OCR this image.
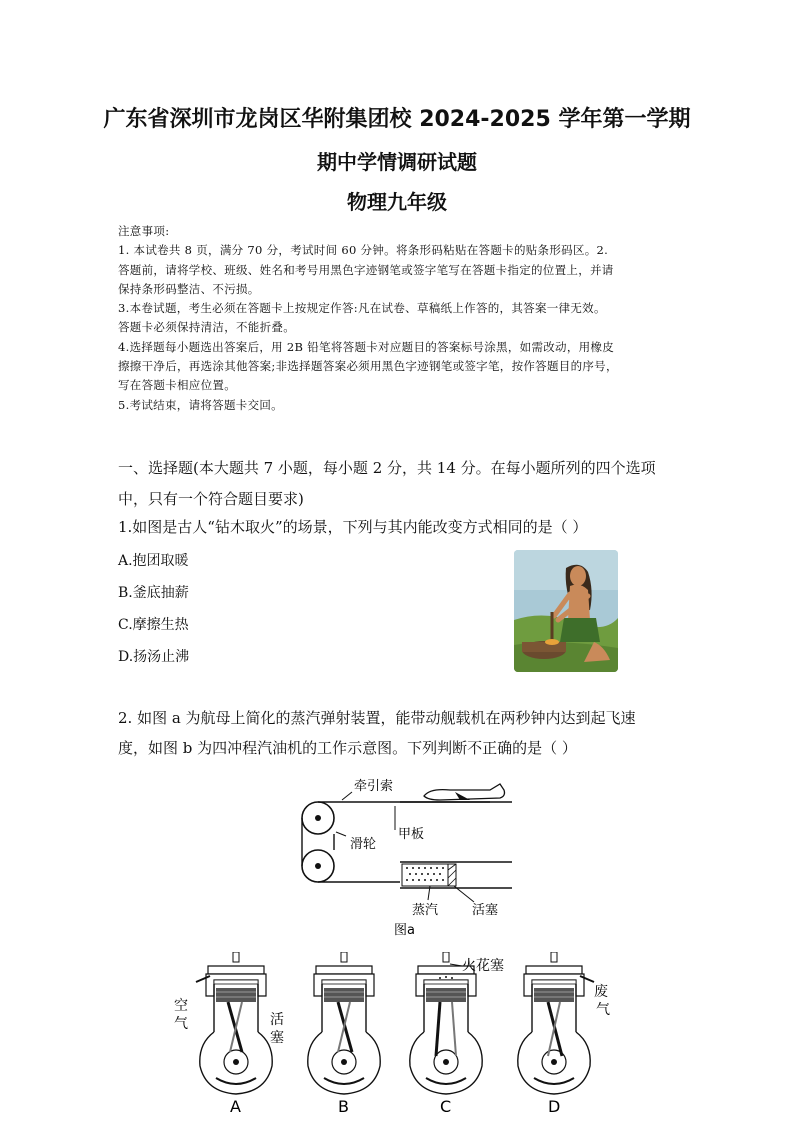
广东省深圳市龙岗区华附集团校 2024-2025 学年第一学期
期中学情调研试题
物理九年级
注意事项:
1. 本试卷共 8 页，满分 70 分，考试时间 60 分钟。将条形码粘贴在答题卡的贴条形码区。2.
答题前，请将学校、班级、姓名和考号用黑色字迹钢笔或签字笔写在答题卡指定的位置上，并请
保持条形码整洁、不污损。
3.本卷试题，考生必须在答题卡上按规定作答:凡在试卷、草稿纸上作答的，其答案一律无效。
答题卡必须保持清洁，不能折叠。
4.选择题每小题选出答案后，用 2B 铅笔将答题卡对应题目的答案标号涂黑，如需改动，用橡皮
擦擦干净后，再选涂其他答案;非选择题答案必须用黑色字迹钢笔或签字笔，按作答题目的序号，
写在答题卡相应位置。
5.考试结束，请将答题卡交回。
一、选择题(本大题共 7 小题，每小题 2 分，共 14 分。在每小题所列的四个选项
中，只有一个符合题目要求)
1.如图是古人“钻木取火”的场景，下列与其内能改变方式相同的是（ ）
A.抱团取暖
B.釜底抽薪
C.摩擦生热
D.扬汤止沸
2. 如图 a 为航母上简化的蒸汽弹射装置，能带动舰载机在两秒钟内达到起飞速
度，如图 b 为四冲程汽油机的工作示意图。下列判断不正确的是（ ）
牵引索
滑轮
甲板
蒸汽	活塞
图a
空
气	活
塞
火花塞
废
气
A	B	C	D
